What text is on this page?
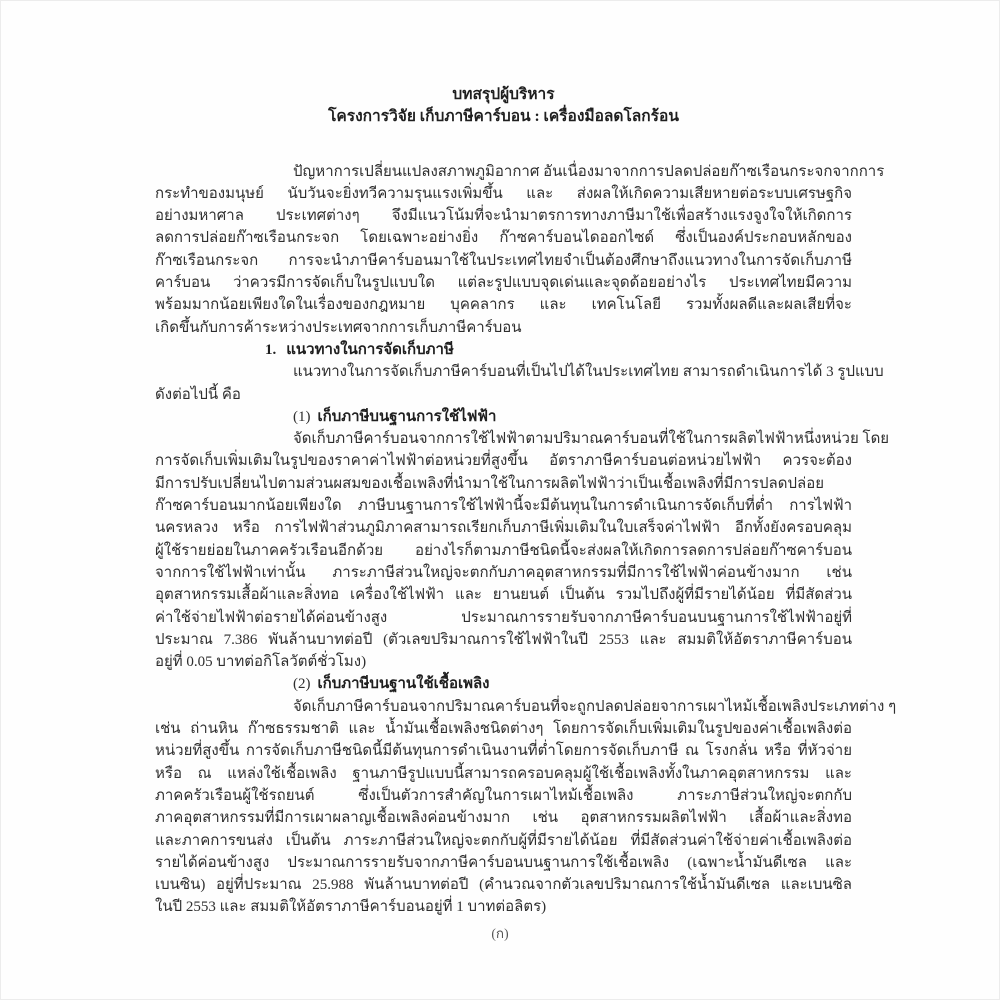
บทสรุปผู้บริหาร
โครงการวิจัย เก็บภาษีคาร์บอน : เครื่องมือลดโลกร้อน
ปัญหาการเปลี่ยนแปลงสภาพภูมิอากาศ อันเนื่องมาจากการปลดปล่อยก๊าซเรือนกระจกจากการ
กระทำของมนุษย์ นับวันจะยิ่งทวีความรุนแรงเพิ่มขึ้น และ ส่งผลให้เกิดความเสียหายต่อระบบเศรษฐกิจ
อย่างมหาศาล ประเทศต่างๆ จึงมีแนวโน้มที่จะนำมาตรการทางภาษีมาใช้เพื่อสร้างแรงจูงใจให้เกิดการ
ลดการปล่อยก๊าซเรือนกระจก โดยเฉพาะอย่างยิ่ง ก๊าซคาร์บอนไดออกไซด์ ซึ่งเป็นองค์ประกอบหลักของ
ก๊าซเรือนกระจก การจะนำภาษีคาร์บอนมาใช้ในประเทศไทยจำเป็นต้องศึกษาถึงแนวทางในการจัดเก็บภาษี
คาร์บอน ว่าควรมีการจัดเก็บในรูปแบบใด แต่ละรูปแบบจุดเด่นและจุดด้อยอย่างไร ประเทศไทยมีความ
พร้อมมากน้อยเพียงใดในเรื่องของกฎหมาย บุคคลากร และ เทคโนโลยี รวมทั้งผลดีและผลเสียที่จะ
เกิดขึ้นกับการค้าระหว่างประเทศจากการเก็บภาษีคาร์บอน
1. แนวทางในการจัดเก็บภาษี
แนวทางในการจัดเก็บภาษีคาร์บอนที่เป็นไปได้ในประเทศไทย สามารถดำเนินการได้ 3 รูปแบบ
ดังต่อไปนี้ คือ
(1) เก็บภาษีบนฐานการใช้ไฟฟ้า
จัดเก็บภาษีคาร์บอนจากการใช้ไฟฟ้าตามปริมาณคาร์บอนที่ใช้ในการผลิตไฟฟ้าหนึ่งหน่วย โดย
การจัดเก็บเพิ่มเติมในรูปของราคาค่าไฟฟ้าต่อหน่วยที่สูงขึ้น อัตราภาษีคาร์บอนต่อหน่วยไฟฟ้า ควรจะต้อง
มีการปรับเปลี่ยนไปตามส่วนผสมของเชื้อเพลิงที่นำมาใช้ในการผลิตไฟฟ้าว่าเป็นเชื้อเพลิงที่มีการปลดปล่อย
ก๊าซคาร์บอนมากน้อยเพียงใด ภาษีบนฐานการใช้ไฟฟ้านี้จะมีต้นทุนในการดำเนินการจัดเก็บที่ต่ำ การไฟฟ้า
นครหลวง หรือ การไฟฟ้าส่วนภูมิภาคสามารถเรียกเก็บภาษีเพิ่มเติมในใบเสร็จค่าไฟฟ้า อีกทั้งยังครอบคลุม
ผู้ใช้รายย่อยในภาคครัวเรือนอีกด้วย อย่างไรก็ตามภาษีชนิดนี้จะส่งผลให้เกิดการลดการปล่อยก๊าซคาร์บอน
จากการใช้ไฟฟ้าเท่านั้น ภาระภาษีส่วนใหญ่จะตกกับภาคอุตสาหกรรมที่มีการใช้ไฟฟ้าค่อนข้างมาก เช่น
อุตสาหกรรมเสื้อผ้าและสิ่งทอ เครื่องใช้ไฟฟ้า และ ยานยนต์ เป็นต้น รวมไปถึงผู้ที่มีรายได้น้อย ที่มีสัดส่วน
ค่าใช้จ่ายไฟฟ้าต่อรายได้ค่อนข้างสูง ประมาณการรายรับจากภาษีคาร์บอนบนฐานการใช้ไฟฟ้าอยู่ที่
ประมาณ 7.386 พันล้านบาทต่อปี (ตัวเลขปริมาณการใช้ไฟฟ้าในปี 2553 และ สมมติให้อัตราภาษีคาร์บอน
อยู่ที่ 0.05 บาทต่อกิโลวัตต์ชั่วโมง)
(2) เก็บภาษีบนฐานใช้เชื้อเพลิง
จัดเก็บภาษีคาร์บอนจากปริมาณคาร์บอนที่จะถูกปลดปล่อยจาการเผาไหม้เชื้อเพลิงประเภทต่าง ๆ
เช่น ถ่านหิน ก๊าซธรรมชาติ และ น้ำมันเชื้อเพลิงชนิดต่างๆ โดยการจัดเก็บเพิ่มเติมในรูปของค่าเชื้อเพลิงต่อ
หน่วยที่สูงขึ้น การจัดเก็บภาษีชนิดนี้มีต้นทุนการดำเนินงานที่ต่ำโดยการจัดเก็บภาษี ณ โรงกลั่น หรือ ที่หัวจ่าย
หรือ ณ แหล่งใช้เชื้อเพลิง ฐานภาษีรูปแบบนี้สามารถครอบคลุมผู้ใช้เชื้อเพลิงทั้งในภาคอุตสาหกรรม และ
ภาคครัวเรือนผู้ใช้รถยนต์ ซึ่งเป็นตัวการสำคัญในการเผาไหม้เชื้อเพลิง ภาระภาษีส่วนใหญ่จะตกกับ
ภาคอุตสาหกรรมที่มีการเผาผลาญเชื้อเพลิงค่อนข้างมาก เช่น อุตสาหกรรมผลิตไฟฟ้า เสื้อผ้าและสิ่งทอ
และภาคการขนส่ง เป็นต้น ภาระภาษีส่วนใหญ่จะตกกับผู้ที่มีรายได้น้อย ที่มีสัดส่วนค่าใช้จ่ายค่าเชื้อเพลิงต่อ
รายได้ค่อนข้างสูง ประมาณการรายรับจากภาษีคาร์บอนบนฐานการใช้เชื้อเพลิง (เฉพาะน้ำมันดีเซล และ
เบนซิน) อยู่ที่ประมาณ 25.988 พันล้านบาทต่อปี (คำนวณจากตัวเลขปริมาณการใช้น้ำมันดีเซล และเบนซิล
ในปี 2553 และ สมมติให้อัตราภาษีคาร์บอนอยู่ที่ 1 บาทต่อลิตร)
(ก)
